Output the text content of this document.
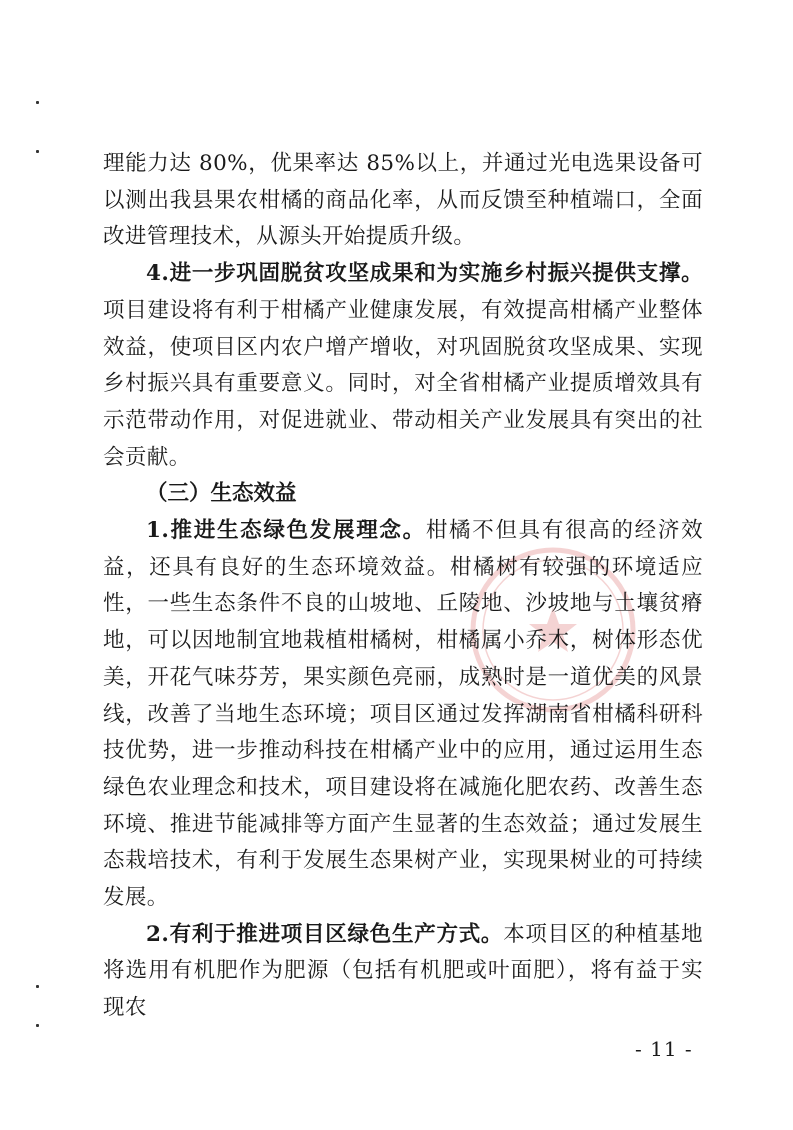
理能力达 80%，优果率达 85%以上，并通过光电选果设备可以测出我县果农柑橘的商品化率，从而反馈至种植端口，全面改进管理技术，从源头开始提质升级。

4.进一步巩固脱贫攻坚成果和为实施乡村振兴提供支撑。项目建设将有利于柑橘产业健康发展，有效提高柑橘产业整体效益，使项目区内农户增产增收，对巩固脱贫攻坚成果、实现乡村振兴具有重要意义。同时，对全省柑橘产业提质增效具有示范带动作用，对促进就业、带动相关产业发展具有突出的社会贡献。

（三）生态效益

1.推进生态绿色发展理念。柑橘不但具有很高的经济效益，还具有良好的生态环境效益。柑橘树有较强的环境适应性，一些生态条件不良的山坡地、丘陵地、沙坡地与土壤贫瘠地，可以因地制宜地栽植柑橘树，柑橘属小乔木，树体形态优美，开花气味芬芳，果实颜色亮丽，成熟时是一道优美的风景线，改善了当地生态环境；项目区通过发挥湖南省柑橘科研科技优势，进一步推动科技在柑橘产业中的应用，通过运用生态绿色农业理念和技术，项目建设将在减施化肥农药、改善生态环境、推进节能减排等方面产生显著的生态效益；通过发展生态栽培技术，有利于发展生态果树产业，实现果树业的可持续发展。

2.有利于推进项目区绿色生产方式。本项目区的种植基地将选用有机肥作为肥源（包括有机肥或叶面肥），将有益于实现农

- 11 -
